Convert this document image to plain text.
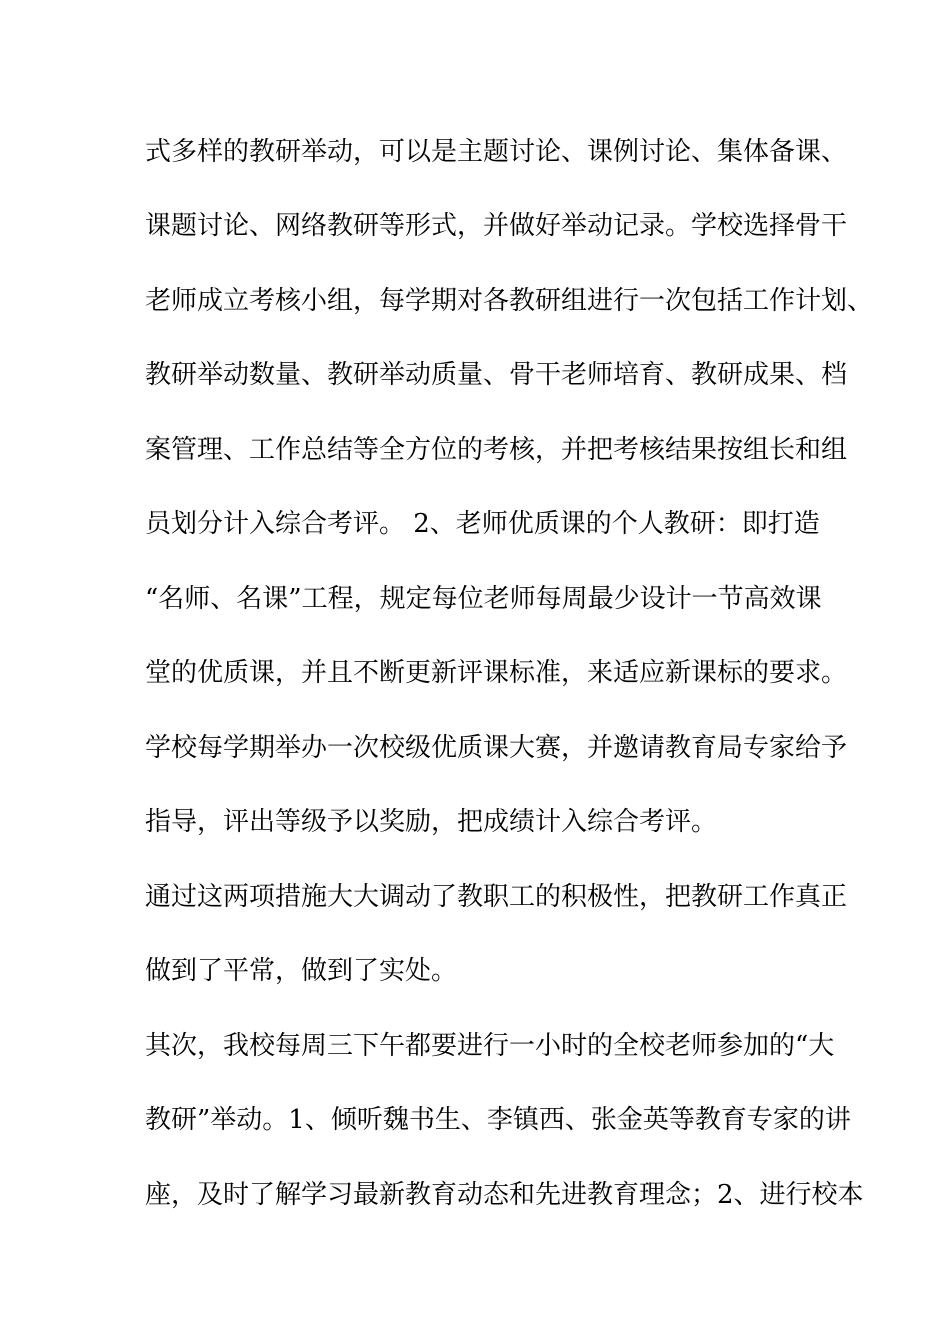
式多样的教研举动，可以是主题讨论、课例讨论、集体备课、
课题讨论、网络教研等形式，并做好举动记录。学校选择骨干
老师成立考核小组，每学期对各教研组进行一次包括工作计划、
教研举动数量、教研举动质量、骨干老师培育、教研成果、档
案管理、工作总结等全方位的考核，并把考核结果按组长和组
员划分计入综合考评。 2、老师优质课的个人教研：即打造
“名师、名课”工程，规定每位老师每周最少设计一节高效课
堂的优质课，并且不断更新评课标准，来适应新课标的要求。
学校每学期举办一次校级优质课大赛，并邀请教育局专家给予
指导，评出等级予以奖励，把成绩计入综合考评。
通过这两项措施大大调动了教职工的积极性，把教研工作真正
做到了平常，做到了实处。
其次，我校每周三下午都要进行一小时的全校老师参加的“大
教研”举动。1、倾听魏书生、李镇西、张金英等教育专家的讲
座，及时了解学习最新教育动态和先进教育理念；2、进行校本
